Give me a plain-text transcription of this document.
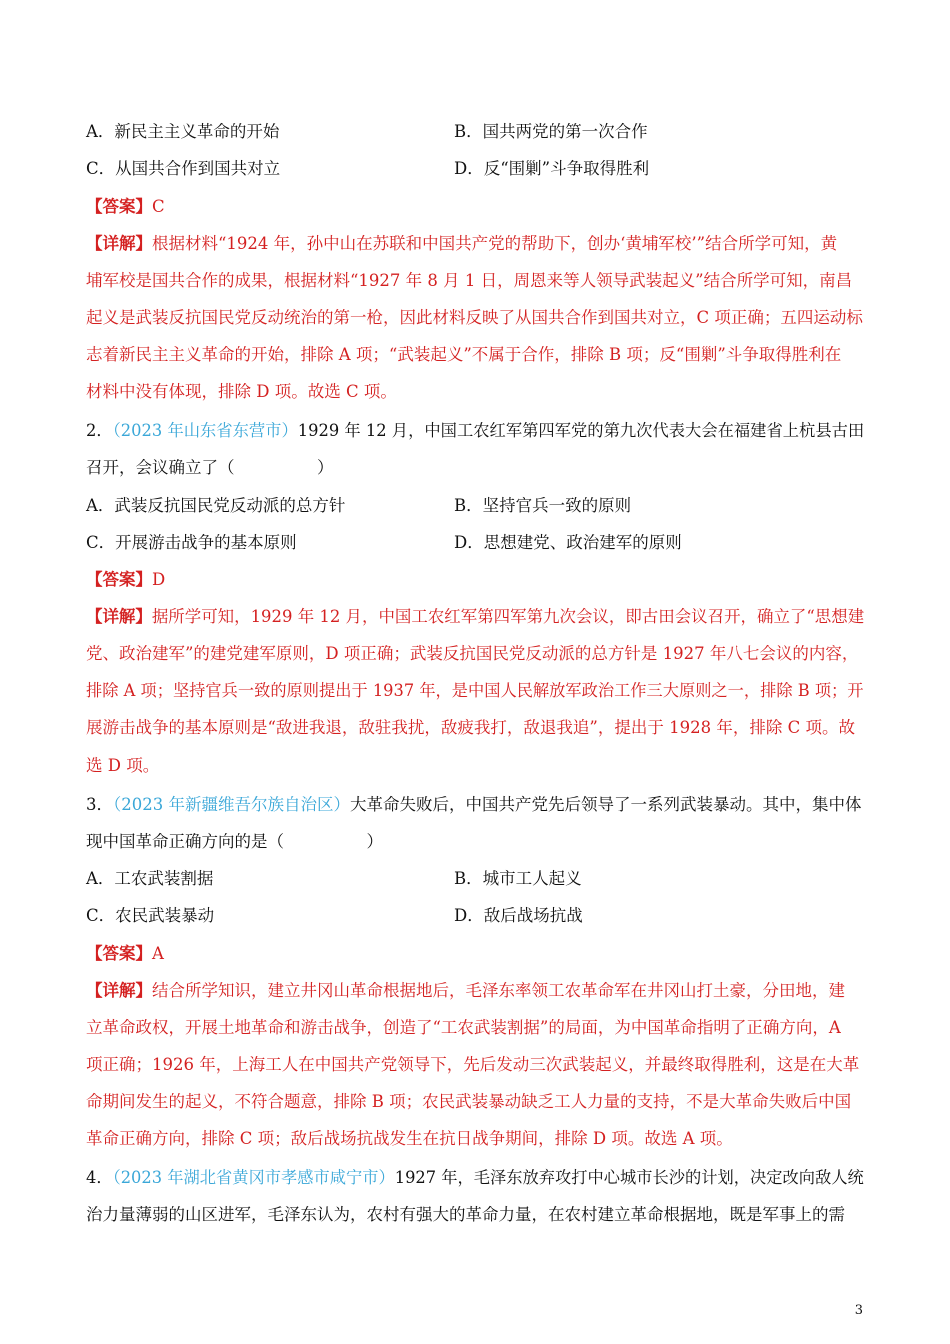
A．新民主主义革命的开始	B．国共两党的第一次合作
C．从国共合作到国共对立	D．反“围剿”斗争取得胜利
【答案】C
【详解】根据材料“1924 年，孙中山在苏联和中国共产党的帮助下，创办‘黄埔军校’”结合所学可知，黄
埔军校是国共合作的成果，根据材料“1927 年 8 月 1 日，周恩来等人领导武装起义”结合所学可知，南昌
起义是武装反抗国民党反动统治的第一枪，因此材料反映了从国共合作到国共对立，C 项正确；五四运动标
志着新民主主义革命的开始，排除 A 项；“武装起义”不属于合作，排除 B 项；反“围剿”斗争取得胜利在
材料中没有体现，排除 D 项。故选 C 项。
2．（2023 年山东省东营市）1929 年 12 月，中国工农红军第四军党的第九次代表大会在福建省上杭县古田
召开，会议确立了（　　　　　）
A．武装反抗国民党反动派的总方针	B．坚持官兵一致的原则
C．开展游击战争的基本原则	D．思想建党、政治建军的原则
【答案】D
【详解】据所学可知，1929 年 12 月，中国工农红军第四军第九次会议，即古田会议召开，确立了“思想建
党、政治建军”的建党建军原则，D 项正确；武装反抗国民党反动派的总方针是 1927 年八七会议的内容，
排除 A 项；坚持官兵一致的原则提出于 1937 年，是中国人民解放军政治工作三大原则之一，排除 B 项；开
展游击战争的基本原则是“敌进我退，敌驻我扰，敌疲我打，敌退我追”，提出于 1928 年，排除 C 项。故
选 D 项。
3．（2023 年新疆维吾尔族自治区）大革命失败后，中国共产党先后领导了一系列武装暴动。其中，集中体
现中国革命正确方向的是（　　　　　）
A．工农武装割据	B．城市工人起义
C．农民武装暴动	D．敌后战场抗战
【答案】A
【详解】结合所学知识，建立井冈山革命根据地后，毛泽东率领工农革命军在井冈山打土豪，分田地，建
立革命政权，开展土地革命和游击战争，创造了“工农武装割据”的局面，为中国革命指明了正确方向，A
项正确；1926 年，上海工人在中国共产党领导下，先后发动三次武装起义，并最终取得胜利，这是在大革
命期间发生的起义，不符合题意，排除 B 项；农民武装暴动缺乏工人力量的支持，不是大革命失败后中国
革命正确方向，排除 C 项；敌后战场抗战发生在抗日战争期间，排除 D 项。故选 A 项。
4．（2023 年湖北省黄冈市孝感市咸宁市）1927 年，毛泽东放弃攻打中心城市长沙的计划，决定改向敌人统
治力量薄弱的山区进军，毛泽东认为，农村有强大的革命力量，在农村建立革命根据地，既是军事上的需
3
